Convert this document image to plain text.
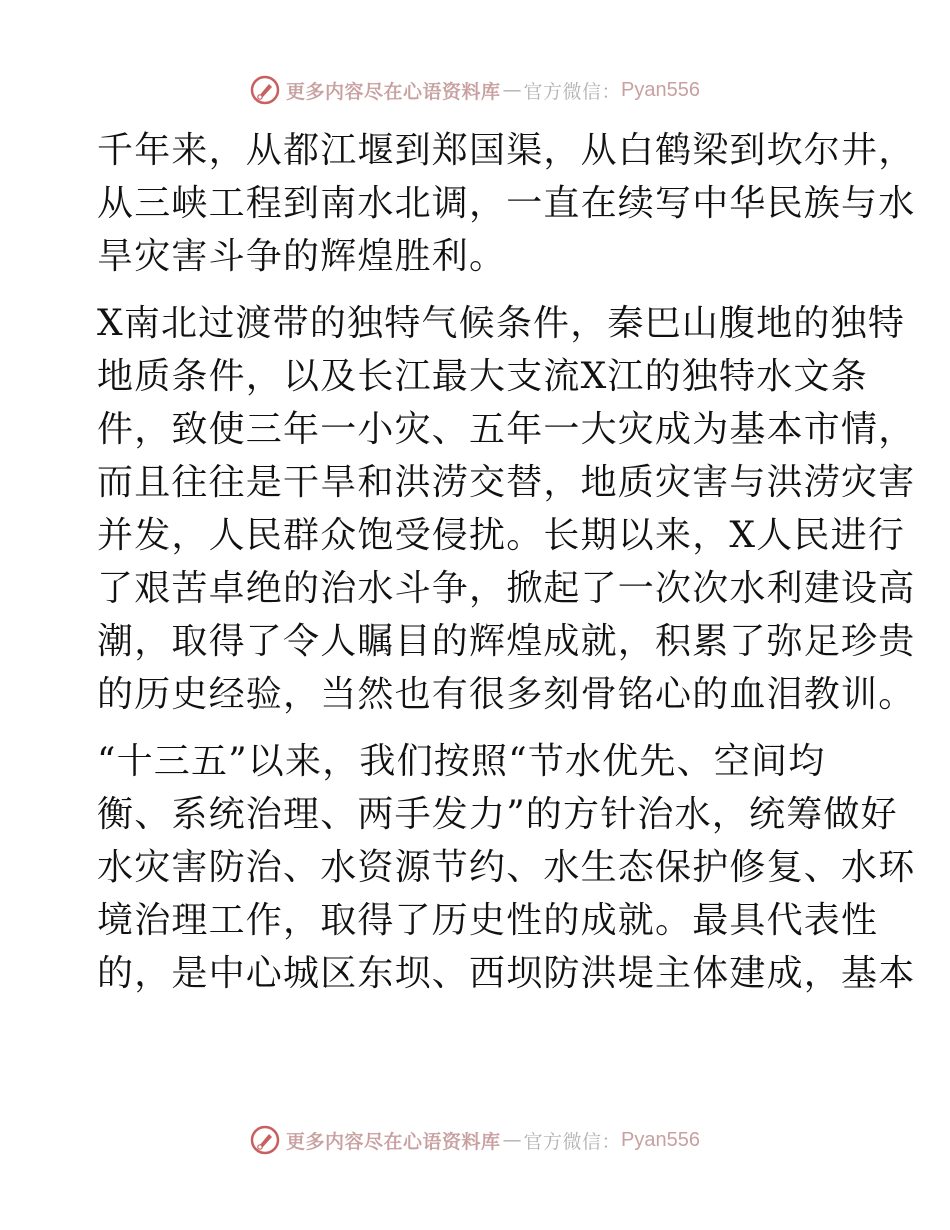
更多内容尽在心语资料库 — 官方微信： Pyan556
千年来，从都江堰到郑国渠，从白鹤梁到坎尔井，
从三峡工程到南水北调，一直在续写中华民族与水
旱灾害斗争的辉煌胜利。
X南北过渡带的独特气候条件，秦巴山腹地的独特
地质条件，以及长江最大支流X江的独特水文条
件，致使三年一小灾、五年一大灾成为基本市情，
而且往往是干旱和洪涝交替，地质灾害与洪涝灾害
并发，人民群众饱受侵扰。长期以来，X人民进行
了艰苦卓绝的治水斗争，掀起了一次次水利建设高
潮，取得了令人瞩目的辉煌成就，积累了弥足珍贵
的历史经验，当然也有很多刻骨铭心的血泪教训。
“十三五”以来，我们按照“节水优先、空间均
衡、系统治理、两手发力”的方针治水，统筹做好
水灾害防治、水资源节约、水生态保护修复、水环
境治理工作，取得了历史性的成就。最具代表性
的，是中心城区东坝、西坝防洪堤主体建成，基本
更多内容尽在心语资料库 — 官方微信： Pyan556
